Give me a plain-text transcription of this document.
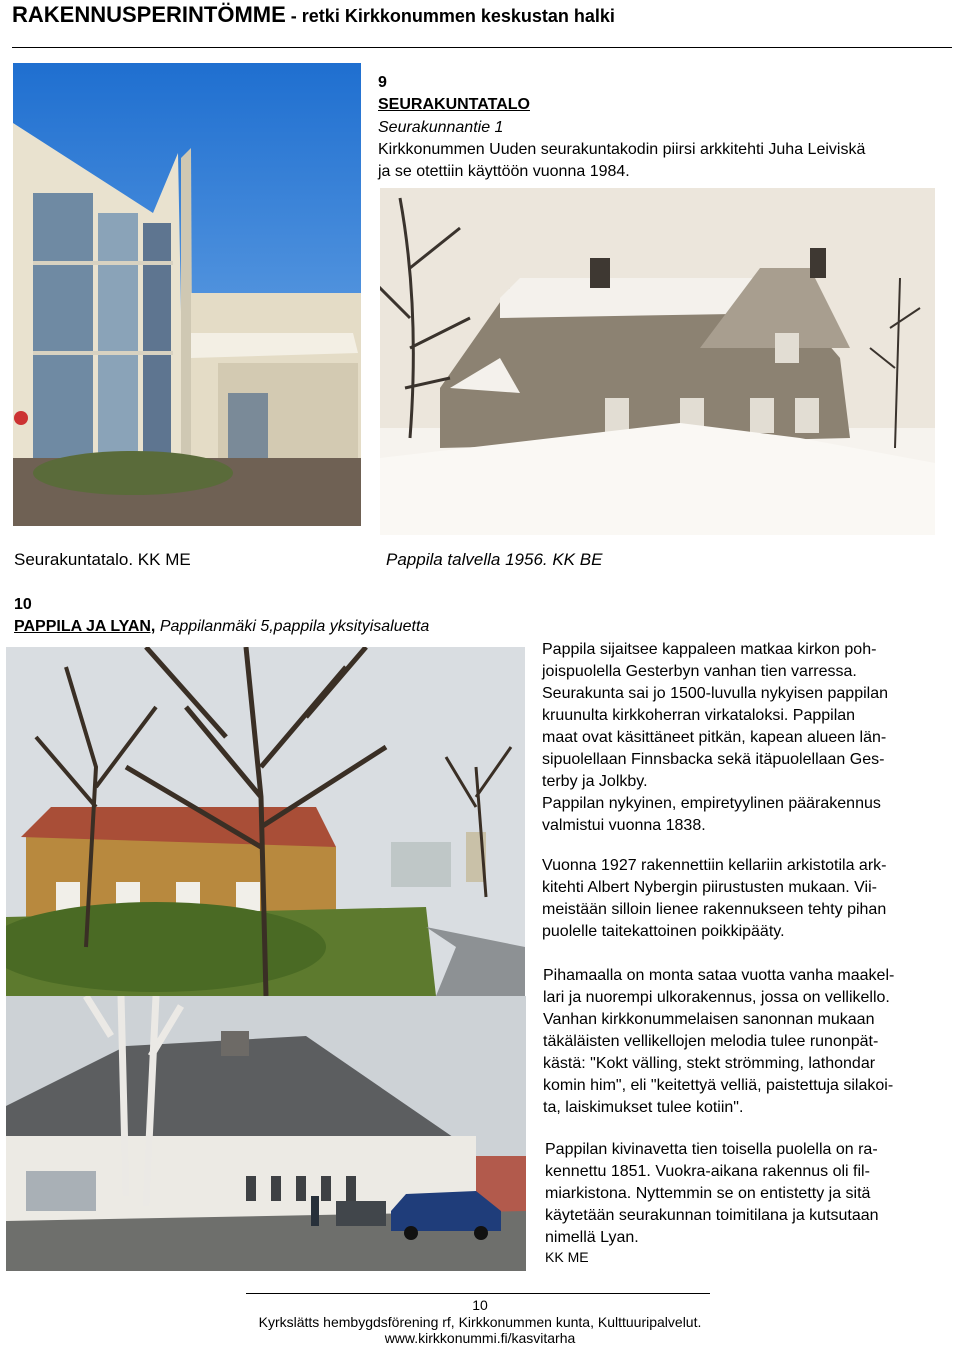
RAKENNUSPERINTÖMME - retki Kirkkonummen keskustan halki
9
SEURAKUNTATALO
Seurakunnantie 1
Kirkkonummen Uuden seurakuntakodin piirsi arkkitehti Juha Leiviskä
ja se otettiin käyttöön vuonna 1984.
Seurakuntatalo. KK ME	Pappila talvella 1956. KK BE
10
PAPPILA JA LYAN, Pappilanmäki 5,pappila yksityisaluetta
Pappila sijaitsee kappaleen matkaa kirkon poh-
joispuolella Gesterbyn vanhan tien varressa.
Seurakunta sai jo 1500-luvulla nykyisen pappilan
kruunulta kirkkoherran virkataloksi. Pappilan
maat ovat käsittäneet pitkän, kapean alueen län-
sipuolellaan Finnsbacka sekä itäpuolellaan Ges-
terby ja Jolkby.
Pappilan nykyinen, empiretyylinen päärakennus
valmistui vuonna 1838.
Vuonna 1927 rakennettiin kellariin arkistotila ark-
kitehti Albert Nybergin piirustusten mukaan. Vii-
meistään silloin lienee rakennukseen tehty pihan
puolelle taitekattoinen poikkipääty.
Pihamaalla on monta sataa vuotta vanha maakel-
lari ja nuorempi ulkorakennus, jossa on vellikello.
Vanhan kirkkonummelaisen sanonnan mukaan
täkäläisten vellikellojen melodia tulee runonpät-
kästä: "Kokt välling, stekt strömming, lathondar
komin him", eli "keitettyä velliä, paistettuja silakoi-
ta, laiskimukset tulee kotiin".
Pappilan kivinavetta tien toisella puolella on ra-
kennettu 1851. Vuokra-aikana rakennus oli fil-
miarkistona. Nyttemmin se on entistetty ja sitä
käytetään seurakunnan toimitilana ja kutsutaan
nimellä Lyan.
KK ME
10
Kyrkslätts hembygdsförening rf, Kirkkonummen kunta, Kulttuuripalvelut.
www.kirkkonummi.fi/kasvitarha
